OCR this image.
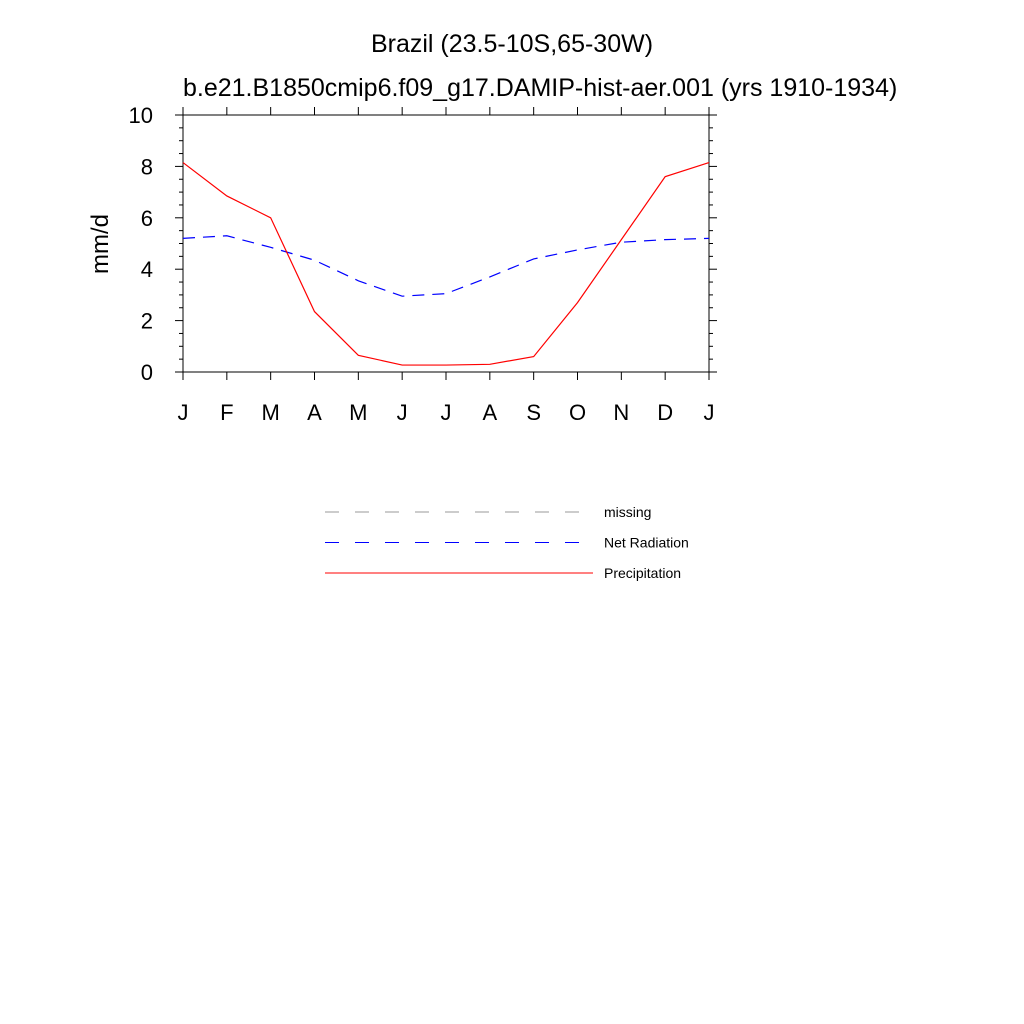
Brazil (23.5-10S,65-30W)
b.e21.B1850cmip6.f09_g17.DAMIP-hist-aer.001 (yrs 1910-1934)
J F M A M J J A S O N D J
0
2
4
6
8
10
mm/d
missing
Net Radiation
Precipitation
